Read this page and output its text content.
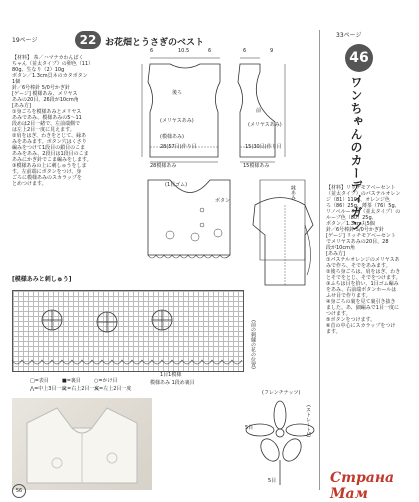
19ページ	22 お花畑とうさぎのベスト
33ページ
46
ワンちゃんのカーディガン
【材料】 糸／ハマナカわんぱく
ちゃん（並太タイプ）の卵色（11）
80g、生なり（2）10g
ボタン／1.3cm貝ネのカタボタン
1個
針／6号棒針 5/0号かぎ針
[ゲージ] 模様あみ、メリヤス
あみの20目、26段が10cm角
[あみ方]
①身ごろを模様あみとメリヤス
あみであみ、模様あみの5～11
段めは2目一緒で、左前端側で
は左上2目一度に見えます。
②肩をはぎ、わきをとじて、縁あ
みをあみます。ボタン穴はくさり
編みをつけて1段目の鎖目のこま
あみをあみ、2段目は1段目のこま
あみにかぎ針でこま編みをします。
③模様あみの上に刺しゅうをしま
す。左前端にボタンをつけ、身
ごろに模様あみのスカラップを
とめつけます。
【材料】リッチモアベーセント
（並太タイプ）のパステルオレン
ジ（81）110g、オレンジ色
ろ（86）25g、薄茶（76）5g、
リノベルーチェ（並太タイプ）の
ルーブ色（80）25g、
ボタン／1.3cm丸5個
針／6号棒針 5/0号かぎ針
[ゲージ] リッチモアベーセント
でメリヤスあみの20目、28
段が10cm角
[あみ方]
①パステルオレンジのメリヤスあ
みで作ろ、そでをあみます。
②後ろ身ごろは、肩をはぎ、わき
とそでをとじ、そでをつけます。
③ふちは目を拾い、1目ゴム編み
をあみ、右前端ボタンホールは
ふせ目で作ります。
④身ごろの裏を見て裏引き抜き
ました。あ、細編みで1目一度に
つけます。
⑤ボタンをつけます。
⑥首の中心にスカラップをつけ
ます。
6	10.5	6	6	9
後ろ
前
(メリヤスあみ)
(メリヤスあみ)
(模様あみ)
28(57目)作り目	15(30目)作り目
28模様あみ	15模様あみ
縁あみ
ボタン
(1目ゴム)
[模様あみと刺しゅう]
1目1模様
模様あみ 1段め裏目
(前の刺繍の花の位置)
□=表目	■=裏目	○=かけ目
⋀=中上3目一度
⋌=右上2目一度
⋋=左上2目一度
(フレンチナッツ)
5目	(ストレートS)
5目
56
Страна Мам
